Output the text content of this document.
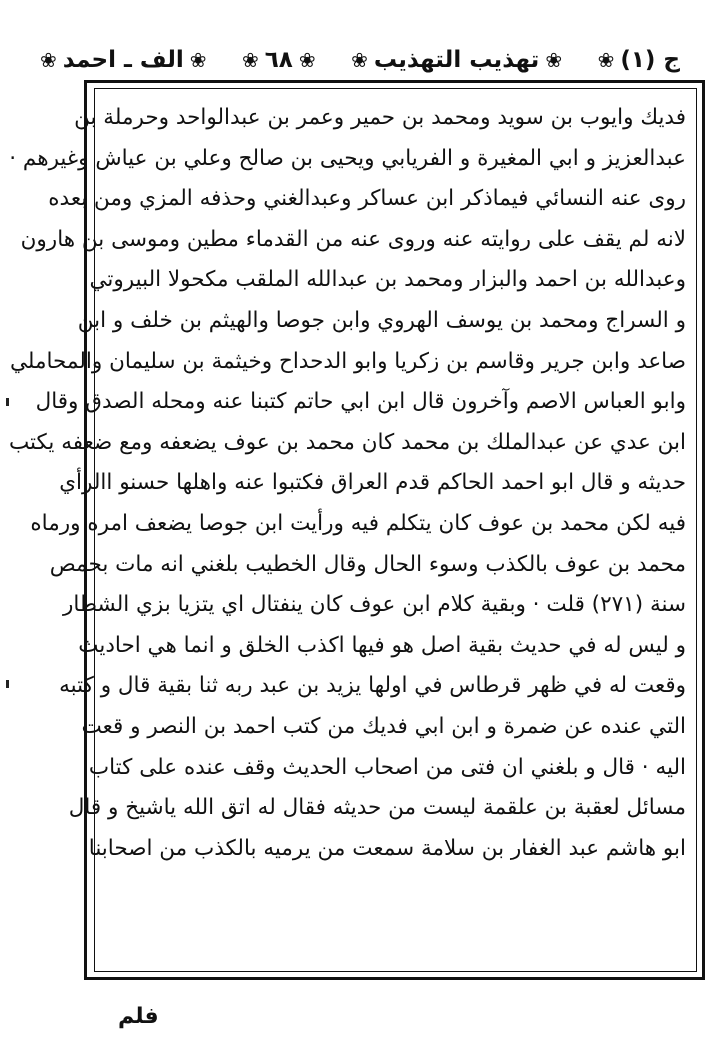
ج (١)
❀
❀
تهذيب التهذيب
❀
❀
٦٨
❀
❀
الف ـ احمد
❀
فديك وايوب بن سويد ومحمد بن حمير وعمر بن عبدالواحد وحرملة بن
عبدالعزيز و ابي المغيرة و الفريابي ويحيى بن صالح وعلي بن عياش وغيرهم ·
روى عنه النسائي فيماذكر ابن عساكر وعبدالغني وحذفه المزي ومن بعده
لانه لم يقف على روايته عنه وروى عنه من القدماء مطين وموسى بن هارون
وعبدالله بن احمد والبزار ومحمد بن عبدالله الملقب مكحولا البيروتي
و السراج ومحمد بن يوسف الهروي وابن جوصا والهيثم بن خلف و ابن
صاعد وابن جرير وقاسم بن زكريا وابو الدحداح وخيثمة بن سليمان والمحاملي
وابو العباس الاصم وآخرون قال ابن ابي حاتم كتبنا عنه ومحله الصدق وقال
ابن عدي عن عبدالملك بن محمد كان محمد بن عوف يضعفه ومع ضعفه يكتب
حديثه و قال ابو احمد الحاكم قدم العراق فكتبوا عنه واهلها حسنو االرأي
فيه لكن محمد بن عوف كان يتكلم فيه ورأيت ابن جوصا يضعف امره ورماه
محمد بن عوف بالكذب وسوء الحال وقال الخطيب بلغني انه مات بحمص
سنة (٢٧١) قلت · وبقية كلام ابن عوف كان ينفتال اي يتزيا بزي الشطار
و ليس له في حديث بقية اصل هو فيها اكذب الخلق و انما هي احاديث
وقعت له في ظهر قرطاس في اولها يزيد بن عبد ربه ثنا بقية قال و كتبه
التي عنده عن ضمرة و ابن ابي فديك من كتب احمد بن النصر و قعت
اليه · قال و بلغني ان فتى من اصحاب الحديث وقف عنده على كتاب
مسائل لعقبة بن علقمة ليست من حديثه فقال له اتق الله ياشيخ و قال
ابو هاشم عبد الغفار بن سلامة سمعت من يرميه بالكذب من اصحابنا
فلم
